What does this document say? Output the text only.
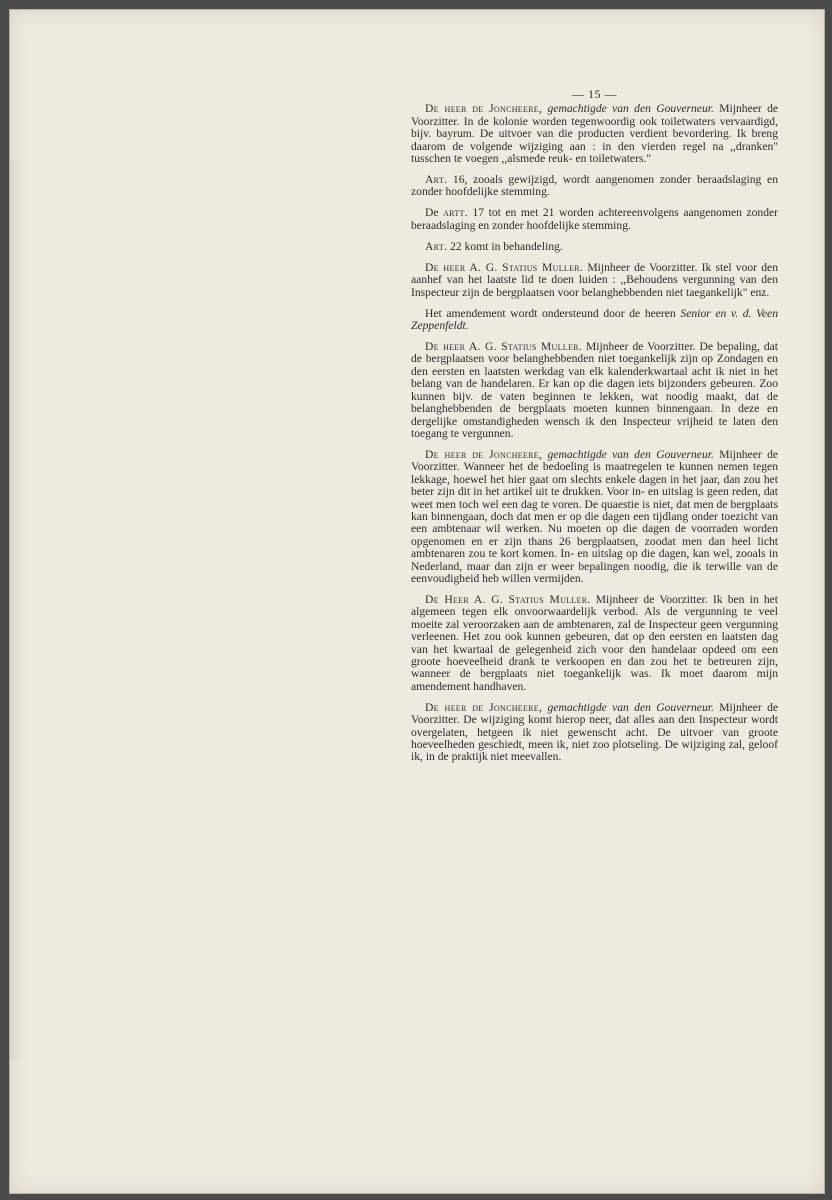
— 15 —

De heer de Joncheere, gemachtigde van den Gouverneur. Mijnheer de Voorzitter. In de kolonie worden tegenwoordig ook toiletwaters vervaardigd, bijv. bayrum. De uitvoer van die producten verdient bevordering. Ik breng daarom de volgende wijziging aan : in den vierden regel na ,,dranken" tusschen te voegen ,,alsmede reuk- en toiletwaters."

Art. 16, zooals gewijzigd, wordt aangenomen zonder beraadslaging en zonder hoofdelijke stemming.

De artt. 17 tot en met 21 worden achtereenvolgens aangenomen zonder beraadslaging en zonder hoofdelijke stemming.

Art. 22 komt in behandeling.

De heer A. G. Statius Muller. Mijnheer de Voorzitter. Ik stel voor den aanhef van het laatste lid te doen luiden : ,,Behoudens vergunning van den Inspecteur zijn de bergplaatsen voor belanghebbenden niet taegankelijk" enz.

Het amendement wordt ondersteund door de heeren Senior en v. d. Veen Zeppenfeldt.

De heer A. G. Statius Muller. Mijnheer de Voorzitter. De bepaling, dat de bergplaatsen voor belanghebbenden niet toegankelijk zijn op Zondagen en den eersten en laatsten werkdag van elk kalenderkwartaal acht ik niet in het belang van de handelaren. Er kan op die dagen iets bijzonders gebeuren. Zoo kunnen bijv. de vaten beginnen te lekken, wat noodig maakt, dat de belanghebbenden de bergplaats moeten kunnen binnengaan. In deze en dergelijke omstandigheden wensch ik den Inspecteur vrijheid te laten den toegang te vergunnen.

De heer de Joncheere, gemachtigde van den Gouverneur. Mijnheer de Voorzitter. Wanneer het de bedoeling is maatregelen te kunnen nemen tegen lekkage, hoewel het hier gaat om slechts enkele dagen in het jaar, dan zou het beter zijn dit in het artikel uit te drukken. Voor in- en uitslag is geen reden, dat weet men toch wel een dag te voren. De quaestie is niet, dat men de bergplaats kan binnengaan, doch dat men er op die dagen een tijdlang onder toezicht van een ambtenaar wil werken. Nu moeten op die dagen de voorraden worden opgenomen en er zijn thans 26 bergplaatsen, zoodat men dan heel licht ambtenaren zou te kort komen. In- en uitslag op die dagen, kan wel, zooals in Nederland, maar dan zijn er weer bepalingen noodig, die ik terwille van de eenvoudigheid heb willen vermijden.

De Heer A. G. Statius Muller. Mijnheer de Voorzitter. Ik ben in het algemeen tegen elk onvoorwaardelijk verbod. Als de vergunning te veel moeite zal veroorzaken aan de ambtenaren, zal de Inspecteur geen vergunning verleenen. Het zou ook kunnen gebeuren, dat op den eersten en laatsten dag van het kwartaal de gelegenheid zich voor den handelaar opdeed om een groote hoeveelheid drank te verkoopen en dan zou het te betreuren zijn, wanneer de bergplaats niet toegankelijk was. Ik moet daarom mijn amendement handhaven.

De heer de Joncheere, gemachtigde van den Gouverneur. Mijnheer de Voorzitter. De wijziging komt hierop neer, dat alles aan den Inspecteur wordt overgelaten, hetgeen ik niet gewenscht acht. De uitvoer van groote hoeveelheden geschiedt, meen ik, niet zoo plotseling. De wijziging zal, geloof ik, in de praktijk niet meevallen.
